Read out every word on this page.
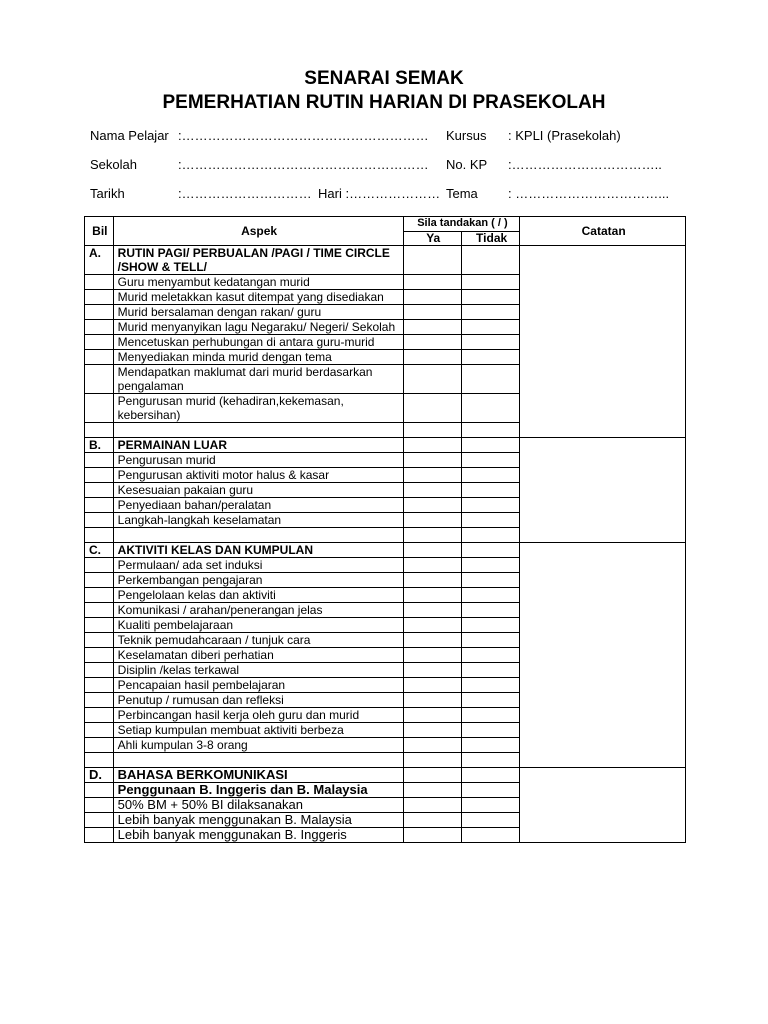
SENARAI SEMAK
PEMERHATIAN RUTIN HARIAN DI PRASEKOLAH
Nama Pelajar :………………………………………………… Kursus : KPLI (Prasekolah)
Sekolah	:………………………………………………… No. KP :……………………………..
Tarikh	:………………………… Hari :………………… Tema : ……………………………...
Bil	Aspek	Sila tandakan ( / )		Catatan
		Ya	Tidak	
A.	RUTIN PAGI/ PERBUALAN /PAGI / TIME CIRCLE /SHOW & TELL/			
	Guru menyambut kedatangan murid			
	Murid meletakkan kasut ditempat yang disediakan			
	Murid bersalaman dengan rakan/ guru			
	Murid menyanyikan lagu Negaraku/ Negeri/ Sekolah			
	Mencetuskan perhubungan di antara guru-murid			
	Menyediakan minda murid dengan tema			
	Mendapatkan maklumat dari murid berdasarkan pengalaman			
	Pengurusan murid (kehadiran,kekemasan, kebersihan)			

B.	PERMAINAN LUAR			
	Pengurusan murid			
	Pengurusan aktiviti motor halus & kasar			
	Kesesuaian pakaian guru			
	Penyediaan bahan/peralatan			
	Langkah-langkah keselamatan			

C.	AKTIVITI KELAS DAN KUMPULAN			
	Permulaan/ ada set induksi			
	Perkembangan pengajaran			
	Pengelolaan kelas dan aktiviti			
	Komunikasi / arahan/penerangan jelas			
	Kualiti pembelajaraan			
	Teknik pemudahcaraan / tunjuk cara			
	Keselamatan diberi perhatian			
	Disiplin /kelas terkawal			
	Pencapaian hasil pembelajaran			
	Penutup / rumusan dan refleksi			
	Perbincangan hasil kerja oleh guru dan murid			
	Setiap kumpulan membuat aktiviti berbeza			
	Ahli kumpulan 3-8 orang			

D.	BAHASA BERKOMUNIKASI			
	Penggunaan B. Inggeris dan B. Malaysia			
	50% BM + 50% BI dilaksanakan			
	Lebih banyak menggunakan B. Malaysia			
	Lebih banyak menggunakan B. Inggeris			
